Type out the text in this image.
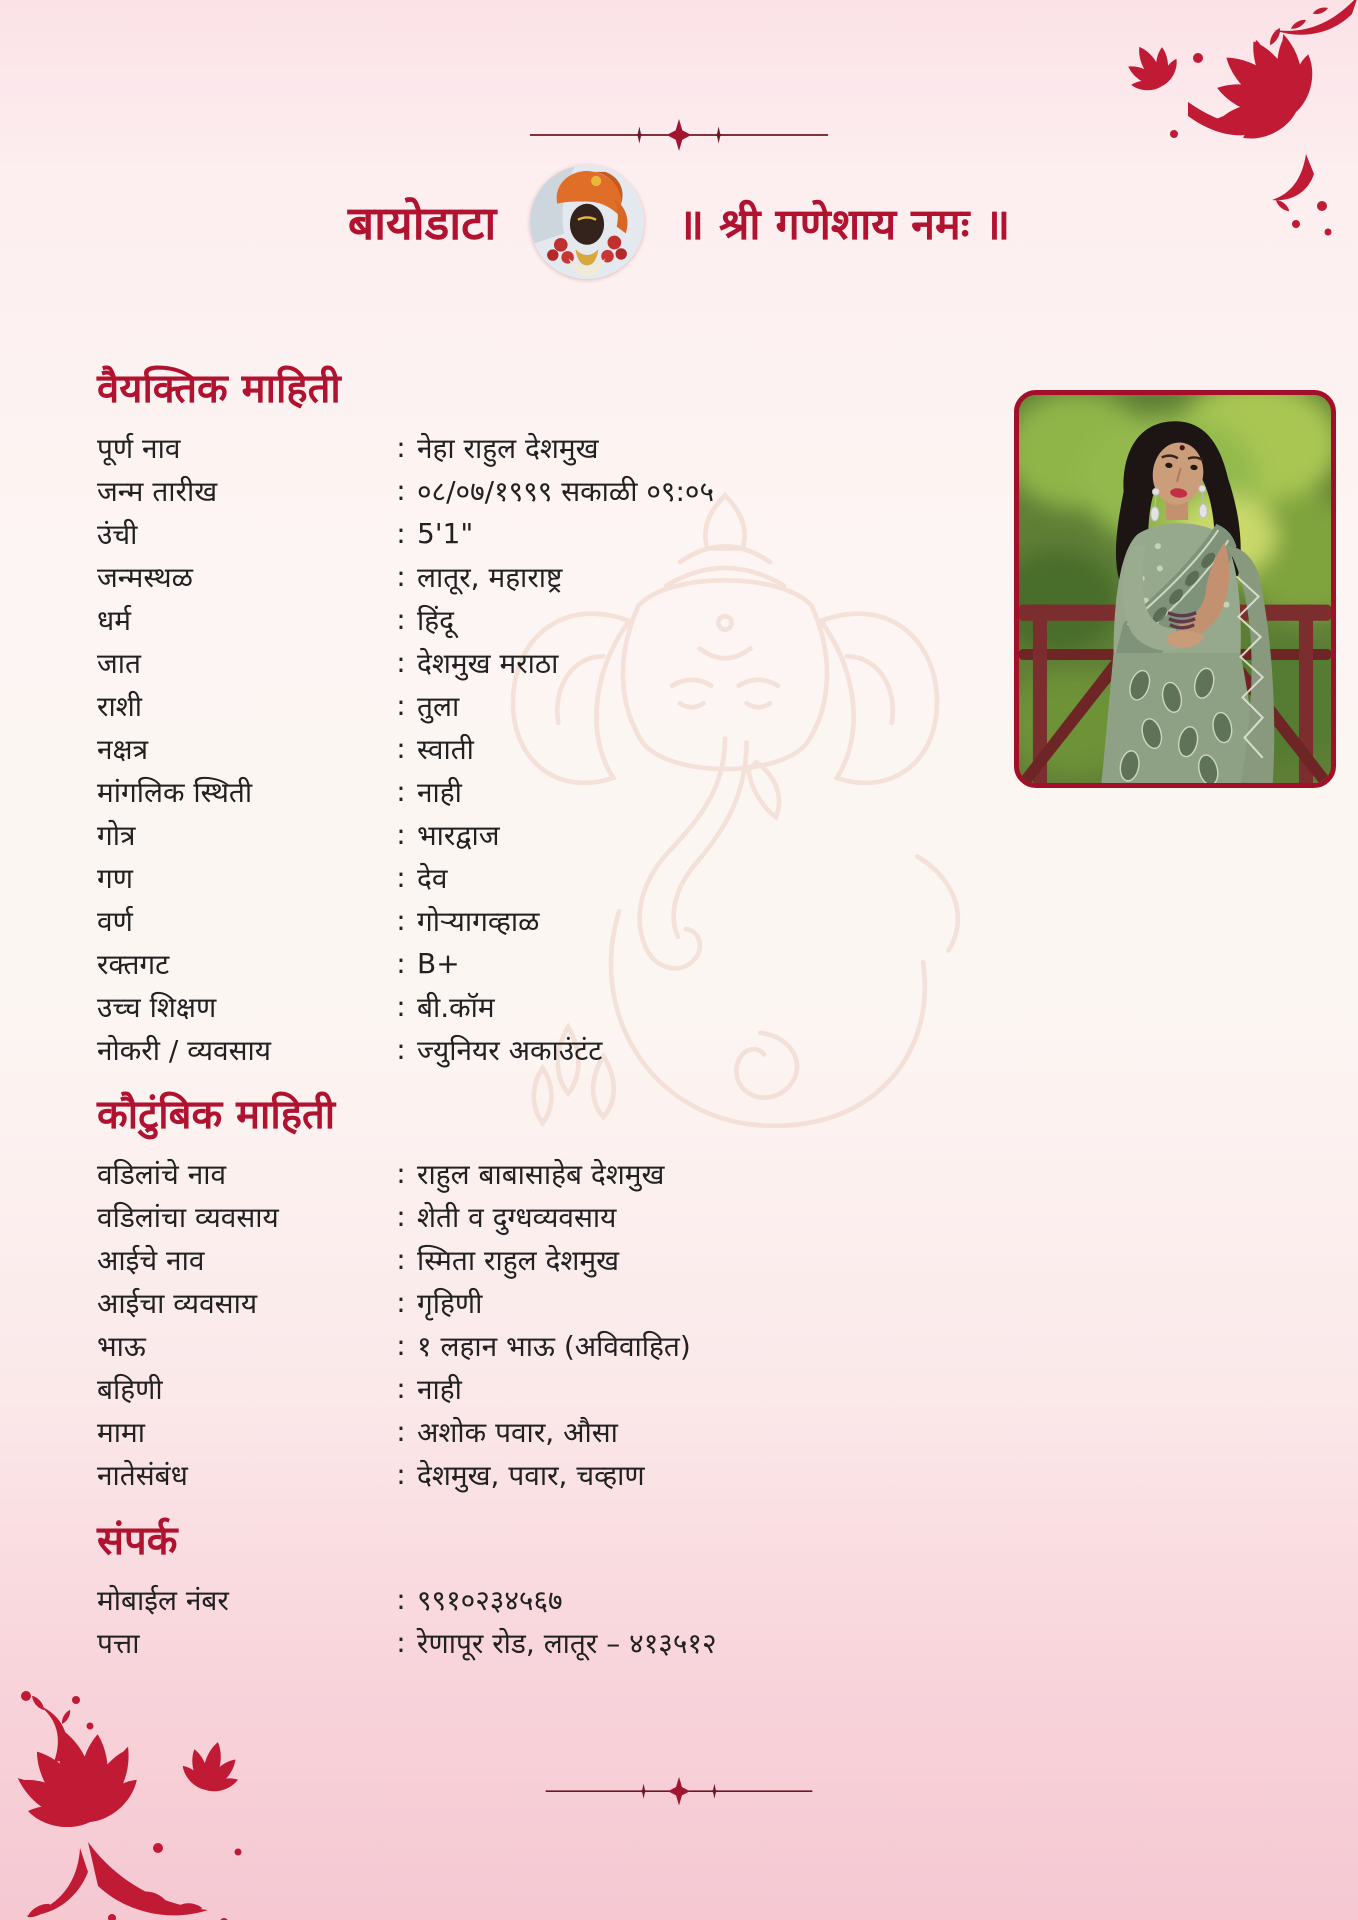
बायोडाटा	॥ श्री गणेशाय नमः ॥
वैयक्तिक माहिती
पूर्ण नाव	: नेहा राहुल देशमुख
जन्म तारीख	: ०८/०७/१९९९ सकाळी ०९:०५
उंची	: 5'1"
जन्मस्थळ	: लातूर, महाराष्ट्र
धर्म	: हिंदू
जात	: देशमुख मराठा
राशी	: तुला
नक्षत्र	: स्वाती
मांगलिक स्थिती	: नाही
गोत्र	: भारद्वाज
गण	: देव
वर्ण	: गोऱ्यागव्हाळ
रक्तगट	: B+
उच्च शिक्षण	: बी.कॉम
नोकरी / व्यवसाय	: ज्युनियर अकाउंटंट
कौटुंबिक माहिती
वडिलांचे नाव	: राहुल बाबासाहेब देशमुख
वडिलांचा व्यवसाय	: शेती व दुग्धव्यवसाय
आईचे नाव	: स्मिता राहुल देशमुख
आईचा व्यवसाय	: गृहिणी
भाऊ	: १ लहान भाऊ (अविवाहित)
बहिणी	: नाही
मामा	: अशोक पवार, औसा
नातेसंबंध	: देशमुख, पवार, चव्हाण
संपर्क
मोबाईल नंबर	: ९९१०२३४५६७
पत्ता	: रेणापूर रोड, लातूर – ४१३५१२
